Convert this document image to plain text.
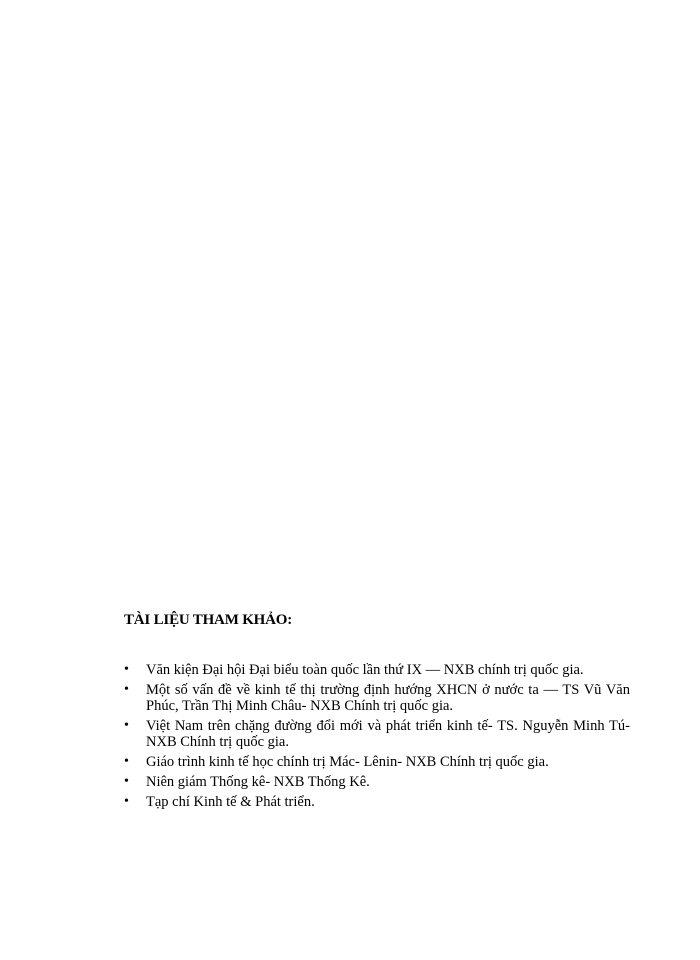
TÀI LIỆU THAM KHẢO:
• Văn kiện Đại hội Đại biểu toàn quốc lần thứ IX — NXB chính trị quốc gia.
• Một số vấn đề về kinh tế thị trường định hướng XHCN ở nước ta — TS Vũ Văn Phúc, Trần Thị Minh Châu- NXB Chính trị quốc gia.
• Việt Nam trên chặng đường đổi mới và phát triển kinh tế- TS. Nguyễn Minh Tú- NXB Chính trị quốc gia.
• Giáo trình kinh tế học chính trị Mác- Lênin- NXB Chính trị quốc gia.
• Niên giám Thống kê- NXB Thống Kê.
• Tạp chí Kinh tế & Phát triển.
